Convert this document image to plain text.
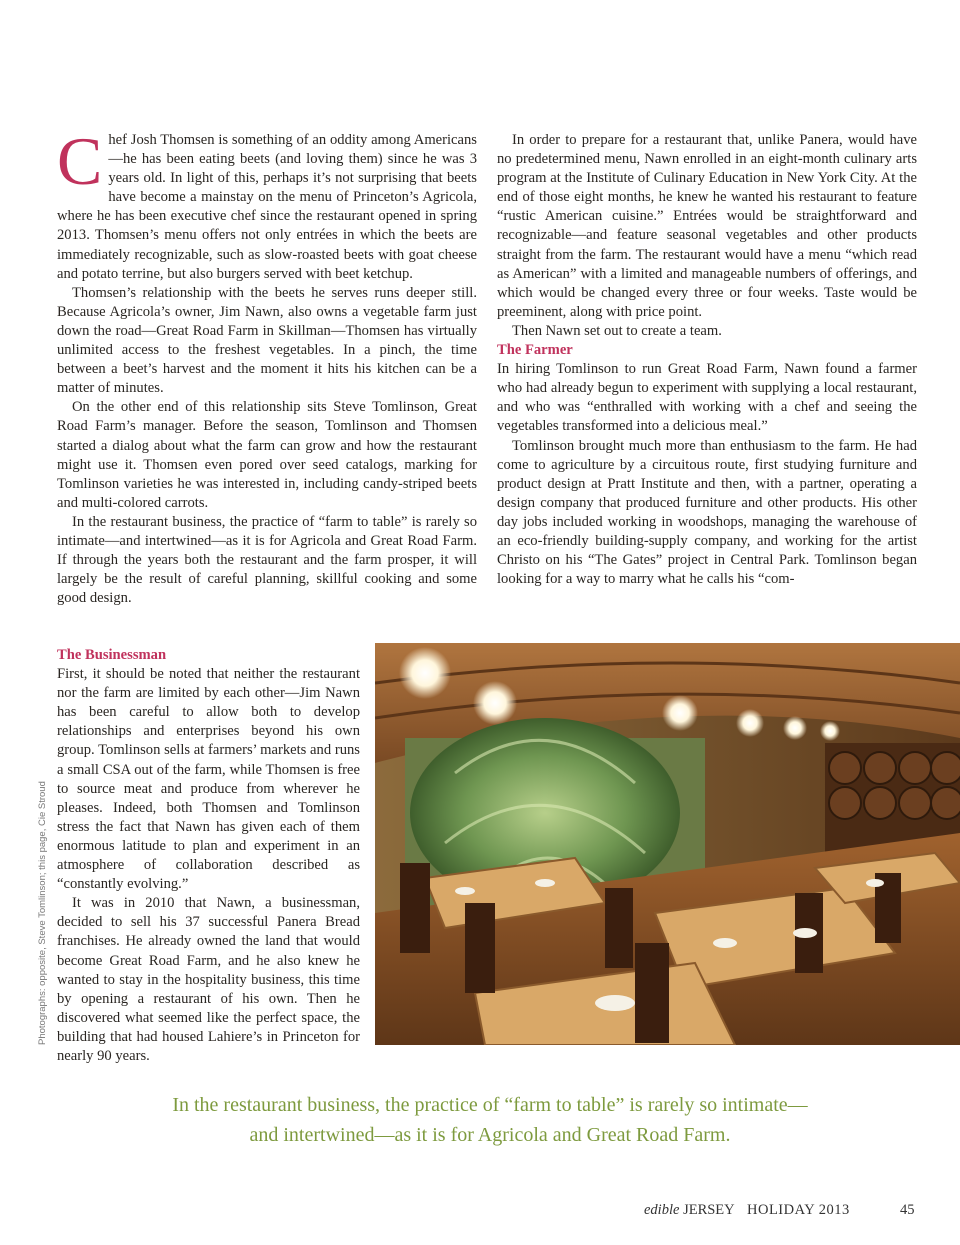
Chef Josh Thomsen is something of an oddity among Americans—he has been eating beets (and loving them) since he was 3 years old. In light of this, perhaps it’s not surprising that beets have become a mainstay on the menu of Princeton’s Agricola, where he has been executive chef since the restaurant opened in spring 2013. Thomsen’s menu offers not only entrées in which the beets are immediately recognizable, such as slow-roasted beets with goat cheese and potato terrine, but also burgers served with beet ketchup.

Thomsen’s relationship with the beets he serves runs deeper still. Because Agricola’s owner, Jim Nawn, also owns a vegetable farm just down the road—Great Road Farm in Skillman—Thomsen has virtually unlimited access to the freshest vegetables. In a pinch, the time between a beet’s harvest and the moment it hits his kitchen can be a matter of minutes.

On the other end of this relationship sits Steve Tomlinson, Great Road Farm’s manager. Before the season, Tomlinson and Thomsen started a dialog about what the farm can grow and how the restaurant might use it. Thomsen even pored over seed catalogs, marking for Tomlinson varieties he was interested in, including candy-striped beets and multi-colored carrots.

In the restaurant business, the practice of “farm to table” is rarely so intimate—and intertwined—as it is for Agricola and Great Road Farm. If through the years both the restaurant and the farm prosper, it will largely be the result of careful planning, skillful cooking and some good design.

In order to prepare for a restaurant that, unlike Panera, would have no predetermined menu, Nawn enrolled in an eight-month culinary arts program at the Institute of Culinary Education in New York City. At the end of those eight months, he knew he wanted his restaurant to feature “rustic American cuisine.” Entrées would be straightforward and recognizable—and feature seasonal vegetables and other products straight from the farm. The restaurant would have a menu “which read as American” with a limited and manageable numbers of offerings, and which would be changed every three or four weeks. Taste would be preeminent, along with price point.

Then Nawn set out to create a team.

The Farmer

In hiring Tomlinson to run Great Road Farm, Nawn found a farmer who had already begun to experiment with supplying a local restaurant, and who was “enthralled with working with a chef and seeing the vegetables transformed into a delicious meal.”

Tomlinson brought much more than enthusiasm to the farm. He had come to agriculture by a circuitous route, first studying furniture and product design at Pratt Institute and then, with a partner, operating a design company that produced furniture and other products. His other day jobs included working in woodshops, managing the warehouse of an eco-friendly building-supply company, and working for the artist Christo on his “The Gates” project in Central Park. Tomlinson began looking for a way to marry what he calls his “com-

The Businessman

First, it should be noted that neither the restaurant nor the farm are limited by each other—Jim Nawn has been careful to allow both to develop relationships and enterprises beyond his own group. Tomlinson sells at farmers’ markets and runs a small CSA out of the farm, while Thomsen is free to source meat and produce from wherever he pleases. Indeed, both Thomsen and Tomlinson stress the fact that Nawn has given each of them enormous latitude to plan and experiment in an atmosphere of collaboration described as “constantly evolving.”

It was in 2010 that Nawn, a businessman, decided to sell his 37 successful Panera Bread franchises. He already owned the land that would become Great Road Farm, and he also knew he wanted to stay in the hospitality business, this time by opening a restaurant of his own. Then he discovered what seemed like the perfect space, the building that had housed Lahiere’s in Princeton for nearly 90 years.

Photographs: opposite, Steve Tomlinson; this page, Cie Stroud
In the restaurant business, the practice of “farm to table” is rarely so intimate—
and intertwined—as it is for Agricola and Great Road Farm.
edible JERSEY HOLIDAY 2013	45
